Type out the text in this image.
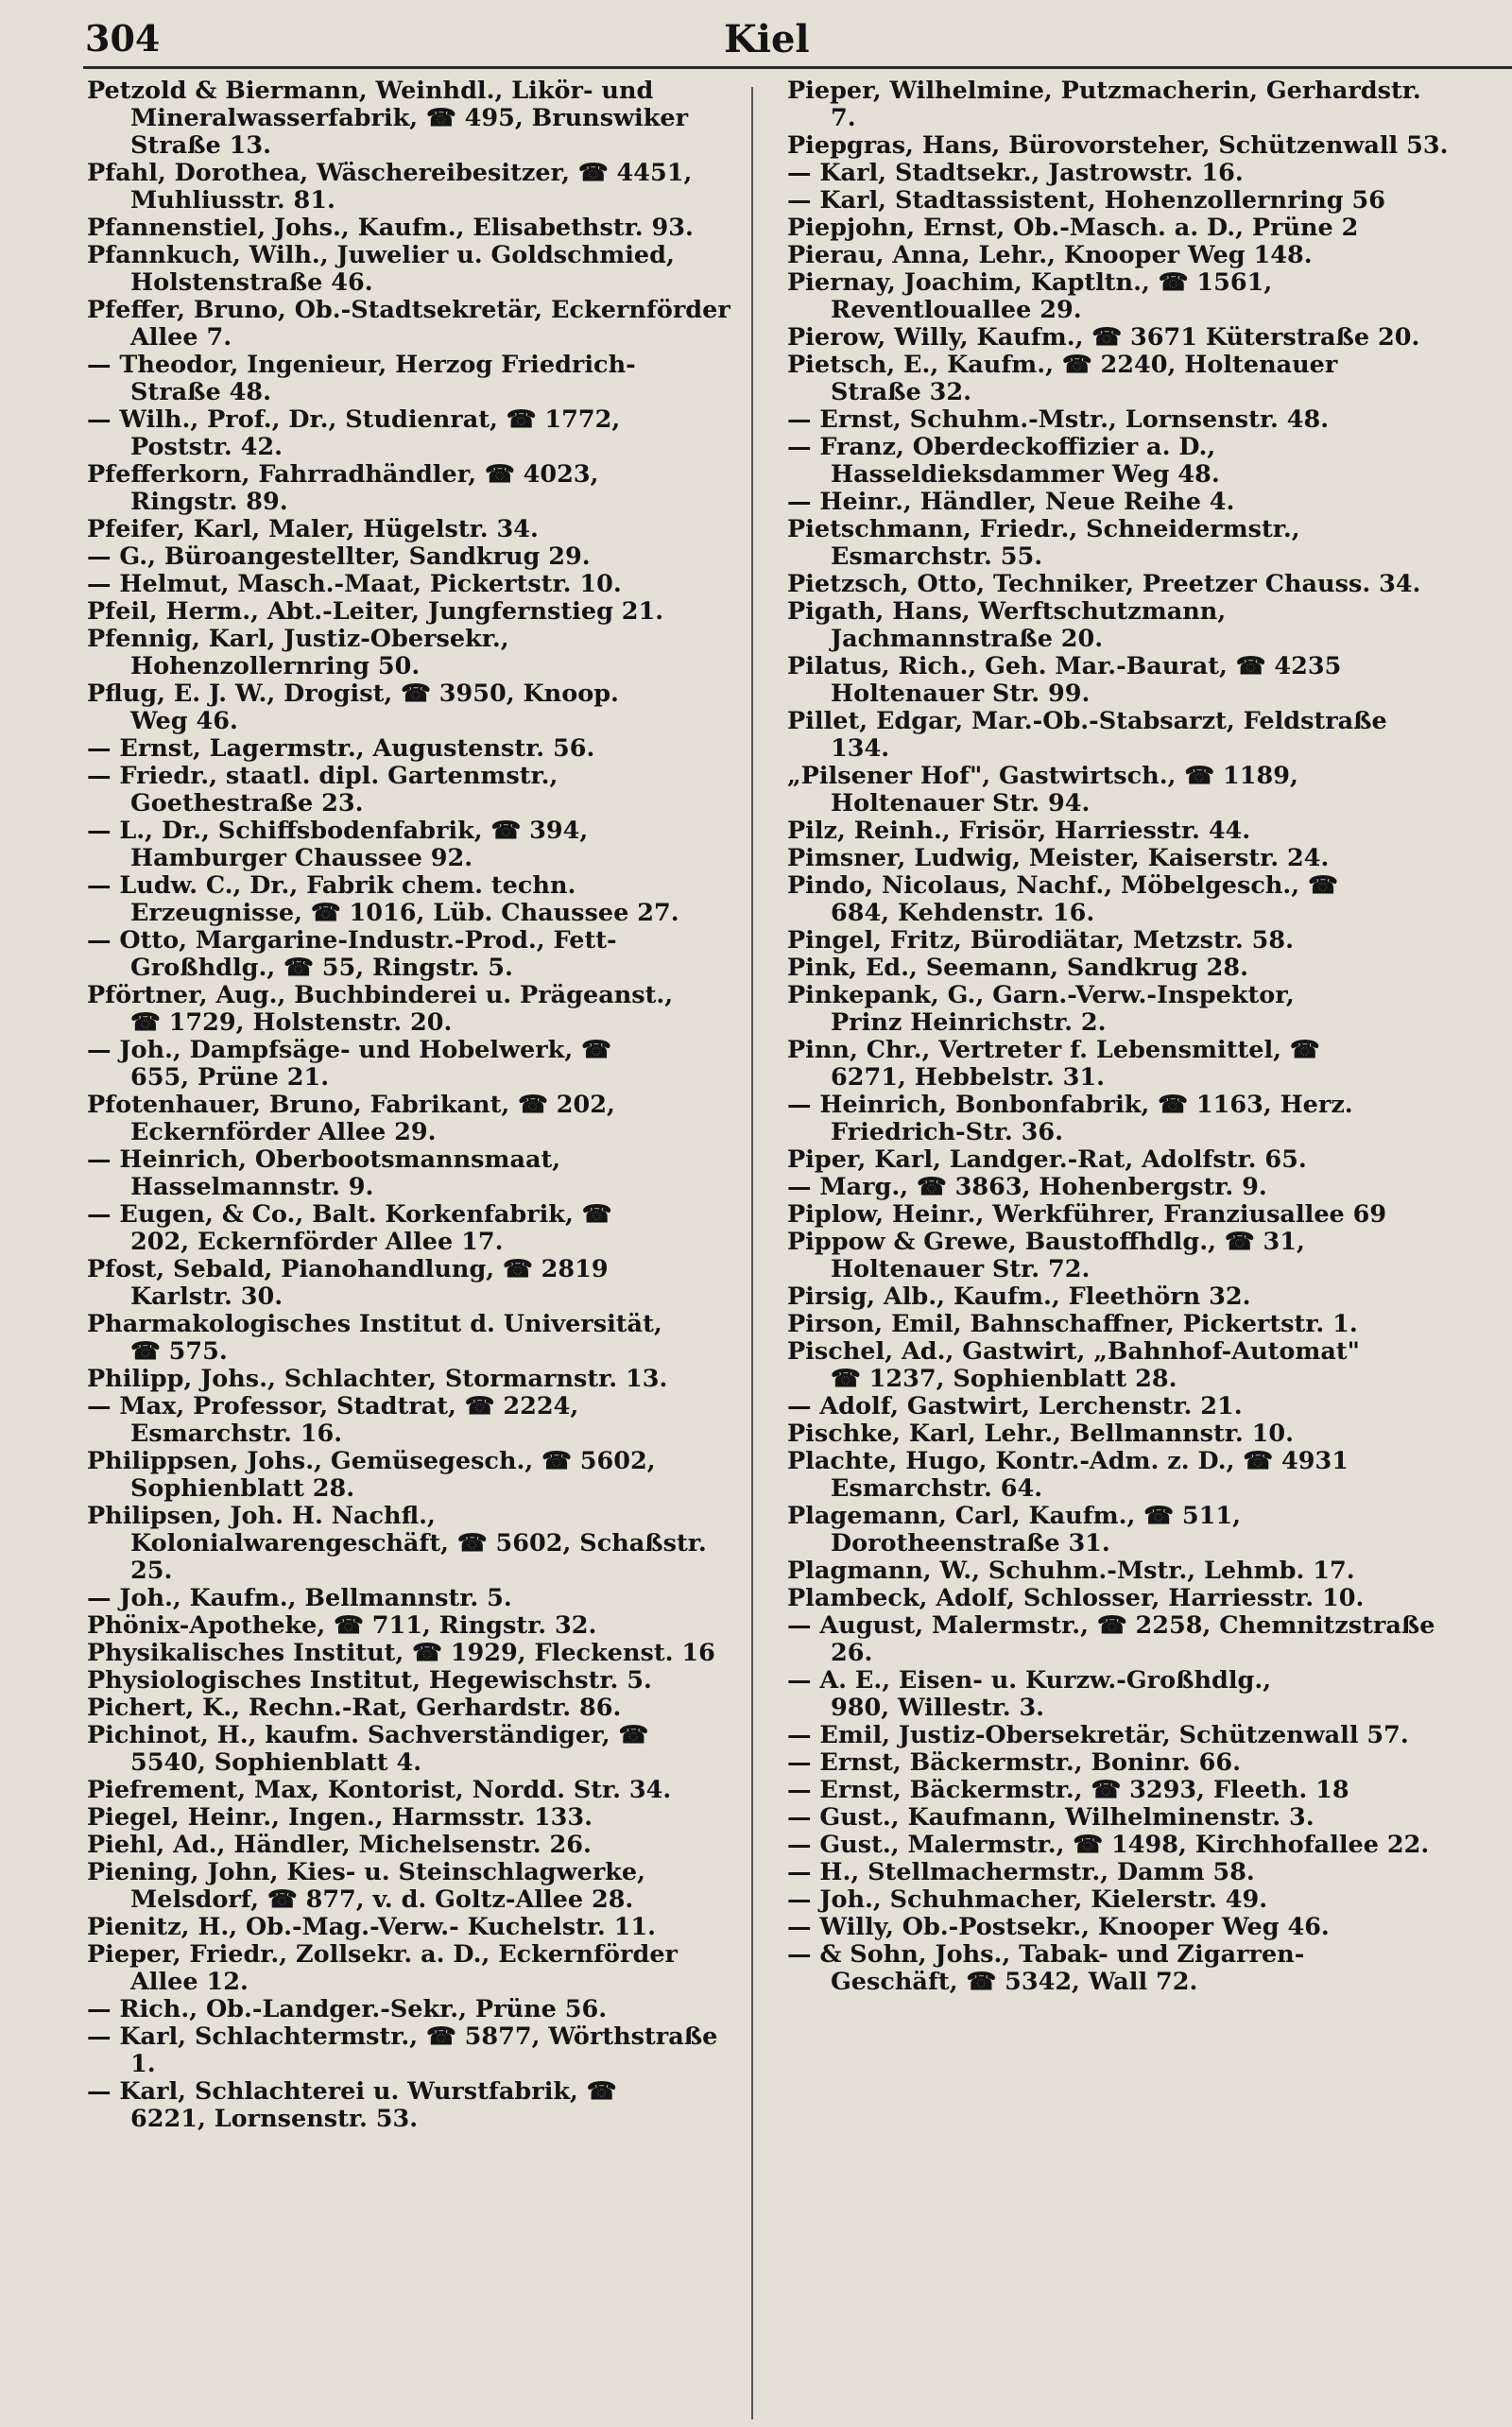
304	Kiel

Petzold & Biermann, Weinhdl., Likör- und
Mineralwasserfabrik, ☎ 495, Brunswiker Straße 13.

Pfahl, Dorothea, Wäschereibesitzer, ☎ 4451,
Muhliusstr. 81.

Pfannenstiel, Johs., Kaufm., Elisabethstr. 93.

Pfannkuch, Wilh., Juwelier u. Goldschmied,
Holstenstraße 46.

Pfeffer, Bruno, Ob.-Stadtsekretär, Eckernförder Allee 7.

— Theodor, Ingenieur, Herzog Friedrich-
Straße 48.

— Wilh., Prof., Dr., Studienrat, ☎ 1772,
Poststr. 42.

Pfefferkorn, Fahrradhändler, ☎ 4023,
Ringstr. 89.

Pfeifer, Karl, Maler, Hügelstr. 34.

— G., Büroangestellter, Sandkrug 29.

— Helmut, Masch.-Maat, Pickertstr. 10.

Pfeil, Herm., Abt.-Leiter, Jungfernstieg 21.

Pfennig, Karl, Justiz-Obersekr., Hohenzollernring 50.

Pflug, E. J. W., Drogist, ☎ 3950, Knoop.
Weg 46.

— Ernst, Lagermstr., Augustenstr. 56.

— Friedr., staatl. dipl. Gartenmstr., Goethestraße 23.

— L., Dr., Schiffsbodenfabrik, ☎ 394,
Hamburger Chaussee 92.

— Ludw. C., Dr., Fabrik chem. techn. Erzeugnisse, ☎ 1016, Lüb. Chaussee 27.

— Otto, Margarine-Industr.-Prod., Fett-
Großhdlg., ☎ 55, Ringstr. 5.

Pförtner, Aug., Buchbinderei u. Prägeanst.,
☎ 1729, Holstenstr. 20.

— Joh., Dampfsäge- und Hobelwerk, ☎
655, Prüne 21.

Pfotenhauer, Bruno, Fabrikant, ☎ 202,
Eckernförder Allee 29.

— Heinrich, Oberbootsmannsmaat, Hasselmannstr. 9.

— Eugen, & Co., Balt. Korkenfabrik, ☎
202, Eckernförder Allee 17.

Pfost, Sebald, Pianohandlung, ☎ 2819
Karlstr. 30.

Pharmakologisches Institut d. Universität,
☎ 575.

Philipp, Johs., Schlachter, Stormarnstr. 13.

— Max, Professor, Stadtrat, ☎ 2224,
Esmarchstr. 16.

Philippsen, Johs., Gemüsegesch., ☎ 5602,
Sophienblatt 28.

Philipsen, Joh. H. Nachfl., Kolonialwarengeschäft, ☎ 5602, Schaßstr. 25.

— Joh., Kaufm., Bellmannstr. 5.

Phönix-Apotheke, ☎ 711, Ringstr. 32.

Physikalisches Institut, ☎ 1929, Fleckenst. 16

Physiologisches Institut, Hegewischstr. 5.

Pichert, K., Rechn.-Rat, Gerhardstr. 86.

Pichinot, H., kaufm. Sachverständiger, ☎
5540, Sophienblatt 4.

Piefrement, Max, Kontorist, Nordd. Str. 34.

Piegel, Heinr., Ingen., Harmsstr. 133.

Piehl, Ad., Händler, Michelsenstr. 26.

Piening, John, Kies- u. Steinschlagwerke,
Melsdorf, ☎ 877, v. d. Goltz-Allee 28.

Pienitz, H., Ob.-Mag.-Verw.- Kuchelstr. 11.

Pieper, Friedr., Zollsekr. a. D., Eckernförder
Allee 12.

— Rich., Ob.-Landger.-Sekr., Prüne 56.

— Karl, Schlachtermstr., ☎ 5877, Wörthstraße 1.

— Karl, Schlachterei u. Wurstfabrik, ☎
6221, Lornsenstr. 53.

Pieper, Wilhelmine, Putzmacherin, Gerhardstr. 7.

Piepgras, Hans, Bürovorsteher, Schützenwall 53.

— Karl, Stadtsekr., Jastrowstr. 16.

— Karl, Stadtassistent, Hohenzollernring 56

Piepjohn, Ernst, Ob.-Masch. a. D., Prüne 2

Pierau, Anna, Lehr., Knooper Weg 148.

Piernay, Joachim, Kaptltn., ☎ 1561,
Reventlouallee 29.

Pierow, Willy, Kaufm., ☎ 3671 Küterstraße 20.

Pietsch, E., Kaufm., ☎ 2240, Holtenauer
Straße 32.

— Ernst, Schuhm.-Mstr., Lornsenstr. 48.

— Franz, Oberdeckoffizier a. D., Hasseldieksdammer Weg 48.

— Heinr., Händler, Neue Reihe 4.

Pietschmann, Friedr., Schneidermstr., Esmarchstr. 55.

Pietzsch, Otto, Techniker, Preetzer Chauss. 34.

Pigath, Hans, Werftschutzmann, Jachmannstraße 20.

Pilatus, Rich., Geh. Mar.-Baurat, ☎ 4235
Holtenauer Str. 99.

Pillet, Edgar, Mar.-Ob.-Stabsarzt, Feldstraße 134.

„Pilsener Hof", Gastwirtsch., ☎ 1189,
Holtenauer Str. 94.

Pilz, Reinh., Frisör, Harriesstr. 44.

Pimsner, Ludwig, Meister, Kaiserstr. 24.

Pindo, Nicolaus, Nachf., Möbelgesch., ☎
684, Kehdenstr. 16.

Pingel, Fritz, Bürodiätar, Metzstr. 58.

Pink, Ed., Seemann, Sandkrug 28.

Pinkepank, G., Garn.-Verw.-Inspektor,
Prinz Heinrichstr. 2.

Pinn, Chr., Vertreter f. Lebensmittel, ☎
6271, Hebbelstr. 31.

— Heinrich, Bonbonfabrik, ☎ 1163, Herz.
Friedrich-Str. 36.

Piper, Karl, Landger.-Rat, Adolfstr. 65.

— Marg., ☎ 3863, Hohenbergstr. 9.

Piplow, Heinr., Werkführer, Franziusallee 69

Pippow & Grewe, Baustoffhdlg., ☎ 31,
Holtenauer Str. 72.

Pirsig, Alb., Kaufm., Fleethörn 32.

Pirson, Emil, Bahnschaffner, Pickertstr. 1.

Pischel, Ad., Gastwirt, „Bahnhof-Automat"
☎ 1237, Sophienblatt 28.

— Adolf, Gastwirt, Lerchenstr. 21.

Pischke, Karl, Lehr., Bellmannstr. 10.

Plachte, Hugo, Kontr.-Adm. z. D., ☎ 4931
Esmarchstr. 64.

Plagemann, Carl, Kaufm., ☎ 511, Dorotheenstraße 31.

Plagmann, W., Schuhm.-Mstr., Lehmb. 17.

Plambeck, Adolf, Schlosser, Harriesstr. 10.

— August, Malermstr., ☎ 2258, Chemnitzstraße 26.

— A. E., Eisen- u. Kurzw.-Großhdlg.,
980, Willestr. 3.

— Emil, Justiz-Obersekretär, Schützenwall 57.

— Ernst, Bäckermstr., Boninr. 66.

— Ernst, Bäckermstr., ☎ 3293, Fleeth. 18

— Gust., Kaufmann, Wilhelminenstr. 3.

— Gust., Malermstr., ☎ 1498, Kirchhofallee 22.

— H., Stellmachermstr., Damm 58.

— Joh., Schuhmacher, Kielerstr. 49.

— Willy, Ob.-Postsekr., Knooper Weg 46.

— & Sohn, Johs., Tabak- und Zigarren-
Geschäft, ☎ 5342, Wall 72.
